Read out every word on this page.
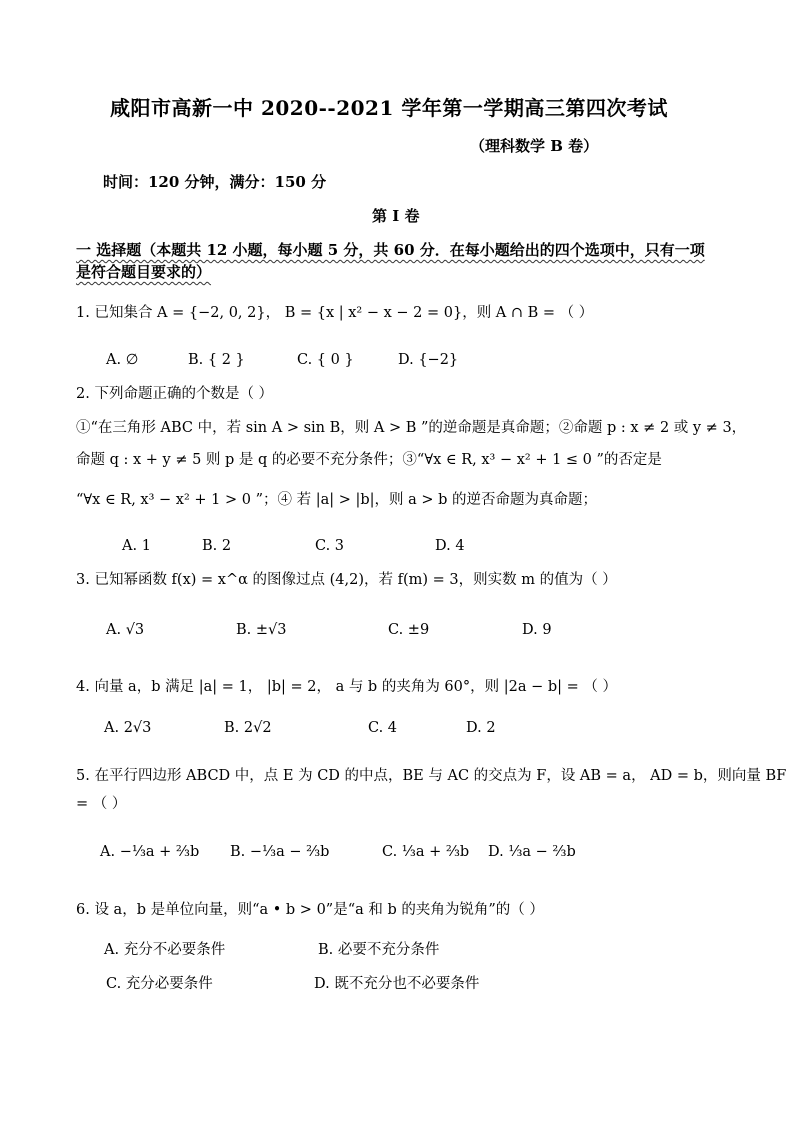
咸阳市高新一中 2020--2021 学年第一学期高三第四次考试
（理科数学 B 卷）
时间：120 分钟，满分：150 分
第 I 卷
一 选择题（本题共 12 小题，每小题 5 分，共 60 分．在每小题给出的四个选项中，只有一项
是符合题目要求的）
1. 已知集合 A = {−2, 0, 2}， B = {x | x² − x − 2 = 0}，则 A ∩ B = （ ）
A. ∅	B. { 2 }	C. { 0 }	D. {−2}
2. 下列命题正确的个数是（ ）
①“在三角形 ABC 中，若 sin A > sin B，则 A > B ”的逆命题是真命题；②命题 p : x ≠ 2 或 y ≠ 3，
命题 q : x + y ≠ 5 则 p 是 q 的必要不充分条件；③“∀x ∈ R, x³ − x² + 1 ≤ 0 ”的否定是
“∀x ∈ R, x³ − x² + 1 > 0 ”；④ 若 |a| > |b|，则 a > b 的逆否命题为真命题；
A. 1	B. 2	C. 3	D. 4
3. 已知幂函数 f(x) = x^α 的图像过点 (4,2)，若 f(m) = 3，则实数 m 的值为（ ）
A. √3	B. ±√3	C. ±9	D. 9
4. 向量 a，b 满足 |a| = 1， |b| = 2， a 与 b 的夹角为 60°，则 |2a − b| = （ ）
A. 2√3	B. 2√2	C. 4	D. 2
5. 在平行四边形 ABCD 中，点 E 为 CD 的中点，BE 与 AC 的交点为 F，设 AB = a， AD = b，则向量 BF
= （ ）
A. −⅓a + ⅔b B. −⅓a − ⅔b	C. ⅓a + ⅔b D. ⅓a − ⅔b
6. 设 a，b 是单位向量，则“a • b > 0”是“a 和 b 的夹角为锐角”的（ ）
A. 充分不必要条件	B. 必要不充分条件
C. 充分必要条件	D. 既不充分也不必要条件
